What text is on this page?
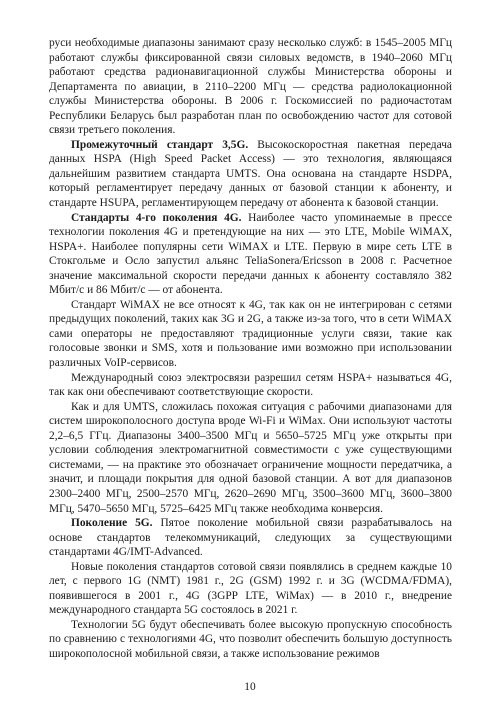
руси необходимые диапазоны занимают сразу несколько служб: в 1545–2005 МГц работают службы фиксированной связи силовых ведомств, в 1940–2060 МГц работают средства радионавигационной службы Министерства обороны и Департамента по авиации, в 2110–2200 МГц — средства радиолокационной службы Министерства обороны. В 2006 г. Госкомиссией по радиочастотам Республики Беларусь был разработан план по освобождению частот для сотовой связи третьего поколения.

Промежуточный стандарт 3,5G. Высокоскоростная пакетная передача данных HSPA (High Speed Packet Access) — это технология, являющаяся дальнейшим развитием стандарта UMTS. Она основана на стандарте HSDPA, который регламентирует передачу данных от базовой станции к абоненту, и стандарте HSUPA, регламентирующем передачу от абонента к базовой станции.

Стандарты 4-го поколения 4G. Наиболее часто упоминаемые в прессе технологии поколения 4G и претендующие на них — это LTE, Mobile WiMAX, HSPA+. Наиболее популярны сети WiMAX и LTE. Первую в мире сеть LTE в Стокгольме и Осло запустил альянс TeliaSonera/Ericsson в 2008 г. Расчетное значение максимальной скорости передачи данных к абоненту составляло 382 Мбит/с и 86 Мбит/с — от абонента.

Стандарт WiMAX не все относят к 4G, так как он не интегрирован с сетями предыдущих поколений, таких как 3G и 2G, а также из-за того, что в сети WiMAX сами операторы не предоставляют традиционные услуги связи, такие как голосовые звонки и SMS, хотя и пользование ими возможно при использовании различных VoIP-сервисов.

Международный союз электросвязи разрешил сетям HSPA+ называться 4G, так как они обеспечивают соответствующие скорости.

Как и для UMTS, сложилась похожая ситуация с рабочими диапазонами для систем широкополосного доступа вроде Wi-Fi и WiMax. Они используют частоты 2,2–6,5 ГГц. Диапазоны 3400–3500 МГц и 5650–5725 МГц уже открыты при условии соблюдения электромагнитной совместимости с уже существующими системами, — на практике это обозначает ограничение мощности передатчика, а значит, и площади покрытия для одной базовой станции. А вот для диапазонов 2300–2400 МГц, 2500–2570 МГц, 2620–2690 МГц, 3500–3600 МГц, 3600–3800 МГц, 5470–5650 МГц, 5725–6425 МГц также необходима конверсия.

Поколение 5G. Пятое поколение мобильной связи разрабатывалось на основе стандартов телекоммуникаций, следующих за существующими стандартами 4G/IMT-Advanced.

Новые поколения стандартов сотовой связи появлялись в среднем каждые 10 лет, с первого 1G (NMT) 1981 г., 2G (GSM) 1992 г. и 3G (WCDMA/FDMA), появившегося в 2001 г., 4G (3GPP LTE, WiMax) — в 2010 г., внедрение международного стандарта 5G состоялось в 2021 г.

Технологии 5G будут обеспечивать более высокую пропускную способность по сравнению с технологиями 4G, что позволит обеспечить большую доступность широкополосной мобильной связи, а также использование режимов

10
